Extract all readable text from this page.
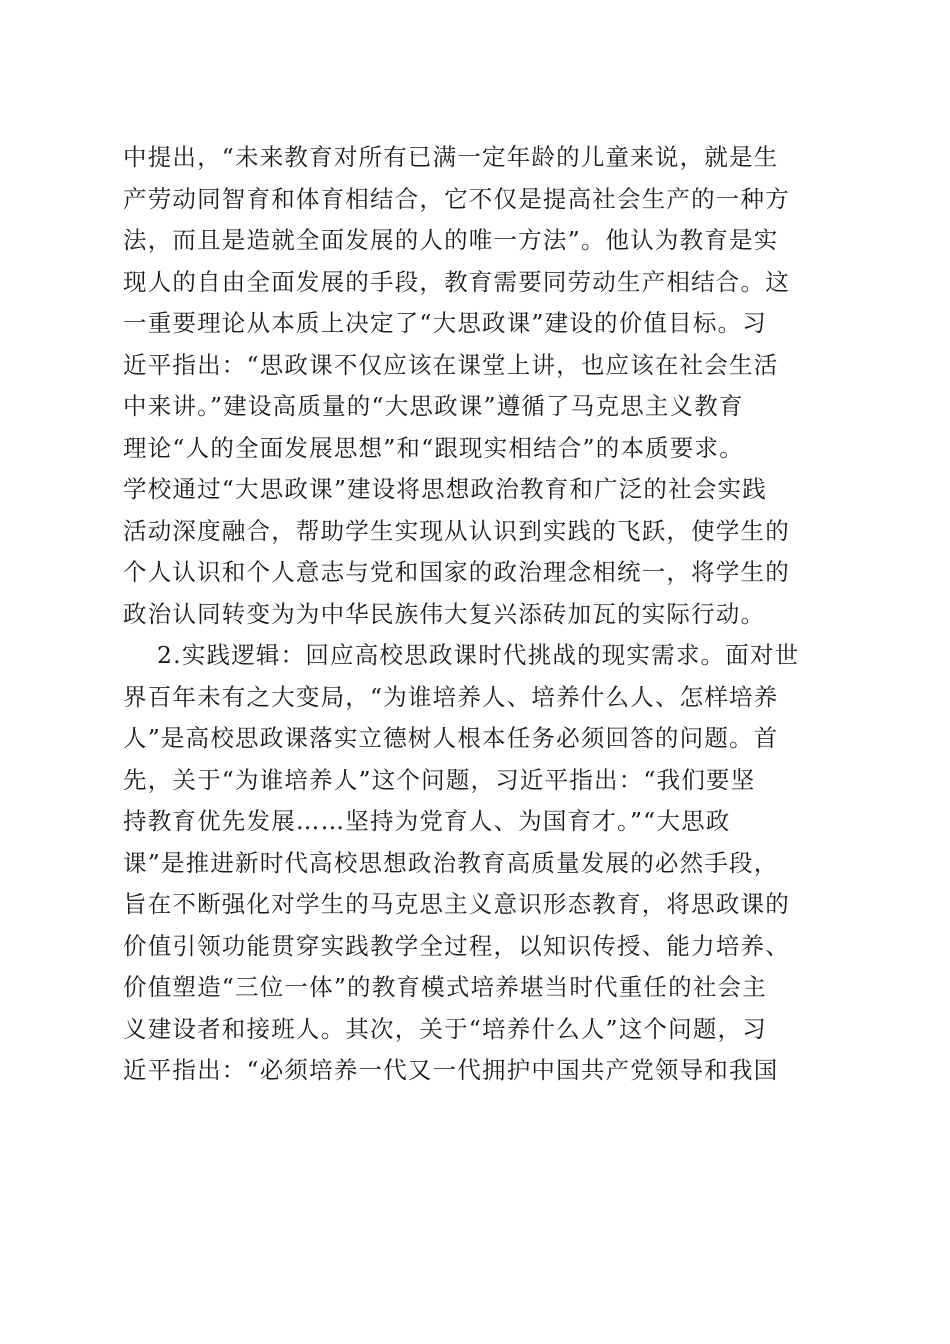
中提出，“未来教育对所有已满一定年龄的儿童来说，就是生
产劳动同智育和体育相结合，它不仅是提高社会生产的一种方
法，而且是造就全面发展的人的唯一方法”。他认为教育是实
现人的自由全面发展的手段，教育需要同劳动生产相结合。这
一重要理论从本质上决定了“大思政课”建设的价值目标。习
近平指出：“思政课不仅应该在课堂上讲，也应该在社会生活
中来讲。”建设高质量的“大思政课”遵循了马克思主义教育
理论“人的全面发展思想”和“跟现实相结合”的本质要求。
学校通过“大思政课”建设将思想政治教育和广泛的社会实践
活动深度融合，帮助学生实现从认识到实践的飞跃，使学生的
个人认识和个人意志与党和国家的政治理念相统一，将学生的
政治认同转变为为中华民族伟大复兴添砖加瓦的实际行动。
2.实践逻辑：回应高校思政课时代挑战的现实需求。面对世
界百年未有之大变局，“为谁培养人、培养什么人、怎样培养
人”是高校思政课落实立德树人根本任务必须回答的问题。首
先，关于“为谁培养人”这个问题，习近平指出：“我们要坚
持教育优先发展……坚持为党育人、为国育才。”“大思政
课”是推进新时代高校思想政治教育高质量发展的必然手段，
旨在不断强化对学生的马克思主义意识形态教育，将思政课的
价值引领功能贯穿实践教学全过程，以知识传授、能力培养、
价值塑造“三位一体”的教育模式培养堪当时代重任的社会主
义建设者和接班人。其次，关于“培养什么人”这个问题，习
近平指出：“必须培养一代又一代拥护中国共产党领导和我国
